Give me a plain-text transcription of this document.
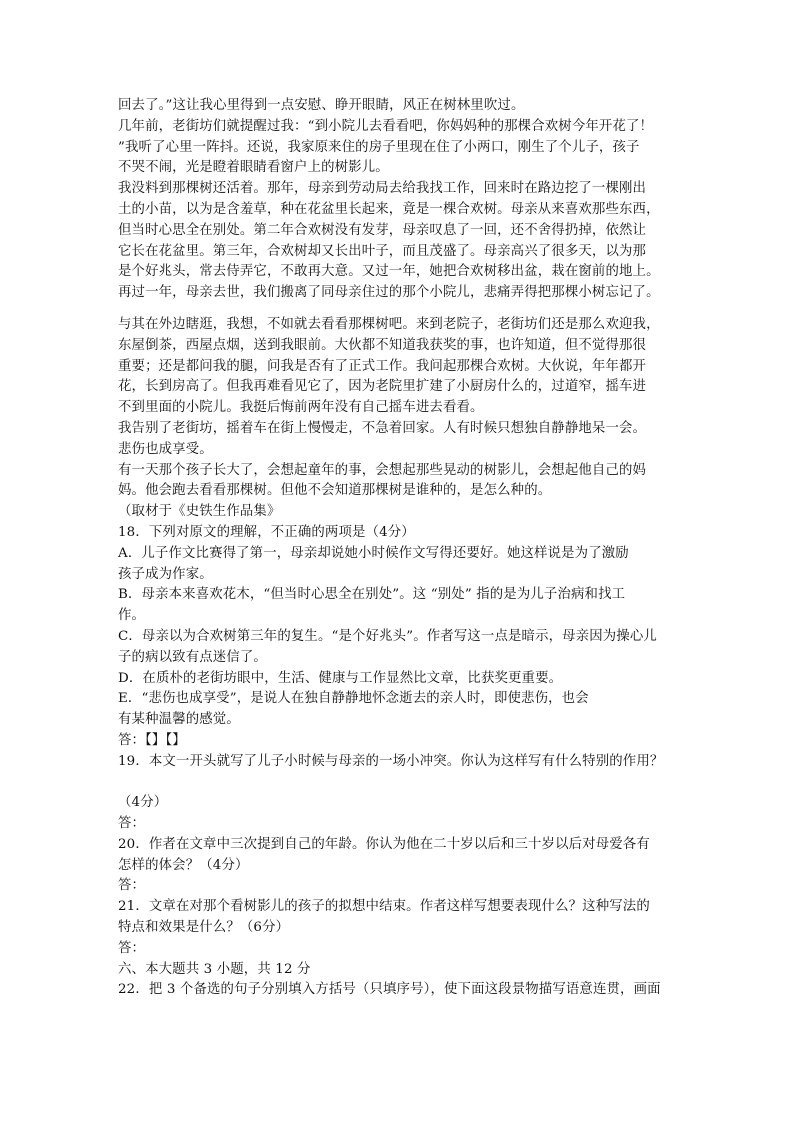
回去了。”这让我心里得到一点安慰、睁开眼睛，风正在树林里吹过。
几年前，老街坊们就提醒过我：“到小院儿去看看吧，你妈妈种的那棵合欢树今年开花了！
”我听了心里一阵抖。还说，我家原来住的房子里现在住了小两口，刚生了个儿子，孩子
不哭不闹，光是瞪着眼睛看窗户上的树影儿。
我没料到那棵树还活着。那年，母亲到劳动局去给我找工作，回来时在路边挖了一棵刚出
土的小苗，以为是含羞草，种在花盆里长起来，竟是一棵合欢树。母亲从来喜欢那些东西，
但当时心思全在别处。第二年合欢树没有发芽，母亲叹息了一回，还不舍得扔掉，依然让
它长在花盆里。第三年，合欢树却又长出叶子，而且茂盛了。母亲高兴了很多天，以为那
是个好兆头，常去侍弄它，不敢再大意。又过一年，她把合欢树移出盆，栽在窗前的地上。
再过一年，母亲去世，我们搬离了同母亲住过的那个小院儿，悲痛弄得把那棵小树忘记了。
与其在外边瞎逛，我想，不如就去看看那棵树吧。来到老院子，老街坊们还是那么欢迎我，
东屋倒茶，西屋点烟，送到我眼前。大伙都不知道我获奖的事，也许知道，但不觉得那很
重要；还是都问我的腿，问我是否有了正式工作。我问起那棵合欢树。大伙说，年年都开
花，长到房高了。但我再难看见它了，因为老院里扩建了小厨房什么的，过道窄，摇车进
不到里面的小院儿。我挺后悔前两年没有自己摇车进去看看。
我告别了老街坊，摇着车在街上慢慢走，不急着回家。人有时候只想独自静静地呆一会。
悲伤也成享受。
有一天那个孩子长大了，会想起童年的事，会想起那些晃动的树影儿，会想起他自己的妈
妈。他会跑去看看那棵树。但他不会知道那棵树是谁种的，是怎么种的。
（取材于《史铁生作品集》
18．下列对原文的理解，不正确的两项是（4分）
A．儿子作文比赛得了第一，母亲却说她小时候作文写得还要好。她这样说是为了激励
孩子成为作家。
B．母亲本来喜欢花木，“但当时心思全在别处”。这 “别处” 指的是为儿子治病和找工
作。
C．母亲以为合欢树第三年的复生。“是个好兆头”。作者写这一点是暗示，母亲因为操心儿
子的病以致有点迷信了。
D．在质朴的老街坊眼中，生活、健康与工作显然比文章，比获奖更重要。
E．“悲伤也成享受”，是说人在独自静静地怀念逝去的亲人时，即使悲伤，也会
有某种温馨的感觉。
答：【】【】
19．本文一开头就写了儿子小时候与母亲的一场小冲突。你认为这样写有什么特别的作用？
（4分）
答：
20．作者在文章中三次提到自己的年龄。你认为他在二十岁以后和三十岁以后对母爱各有
怎样的体会？（4分）
答：
21．文章在对那个看树影儿的孩子的拟想中结束。作者这样写想要表现什么？这种写法的
特点和效果是什么？（6分）
答：
六、本大题共 3 小题，共 12 分
22．把 3 个备选的句子分别填入方括号（只填序号），使下面这段景物描写语意连贯，画面
